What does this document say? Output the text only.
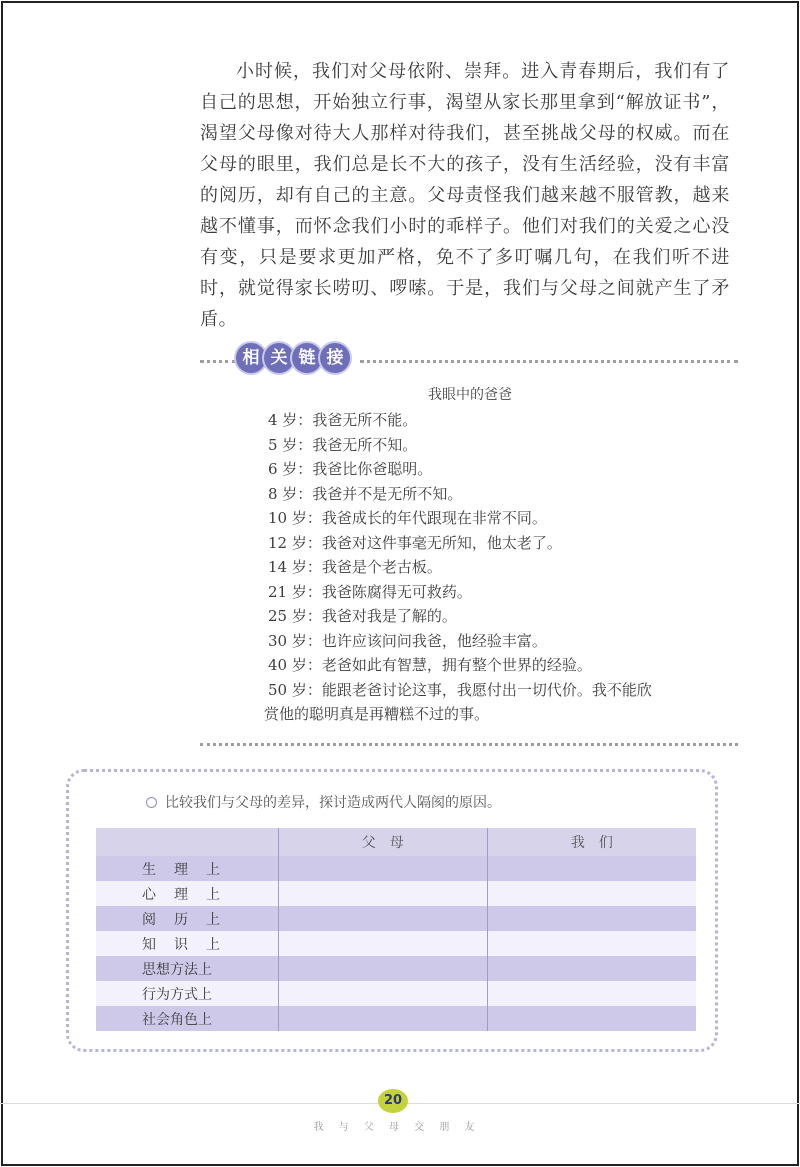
小时候，我们对父母依附、崇拜。进入青春期后，我们有了自己的思想，开始独立行事，渴望从家长那里拿到“解放证书”，渴望父母像对待大人那样对待我们，甚至挑战父母的权威。而在父母的眼里，我们总是长不大的孩子，没有生活经验，没有丰富的阅历，却有自己的主意。父母责怪我们越来越不服管教，越来越不懂事，而怀念我们小时的乖样子。他们对我们的关爱之心没有变，只是要求更加严格，免不了多叮嘱几句，在我们听不进时，就觉得家长唠叨、啰嗦。于是，我们与父母之间就产生了矛盾。

相 关 链 接
我眼中的爸爸
4 岁：我爸无所不能。
5 岁：我爸无所不知。
6 岁：我爸比你爸聪明。
8 岁：我爸并不是无所不知。
10 岁：我爸成长的年代跟现在非常不同。
12 岁：我爸对这件事毫无所知，他太老了。
14 岁：我爸是个老古板。
21 岁：我爸陈腐得无可救药。
25 岁：我爸对我是了解的。
30 岁：也许应该问问我爸，他经验丰富。
40 岁：老爸如此有智慧，拥有整个世界的经验。
50 岁：能跟老爸讨论这事，我愿付出一切代价。我不能欣
赏他的聪明真是再糟糕不过的事。
比较我们与父母的差异，探讨造成两代人隔阂的原因。
	父　母	我　们
生　理　上		
心　理　上		
阅　历　上		
知　识　上		
思想方法上		
行为方式上		
社会角色上		
20
我 与 父 母 交 朋 友
